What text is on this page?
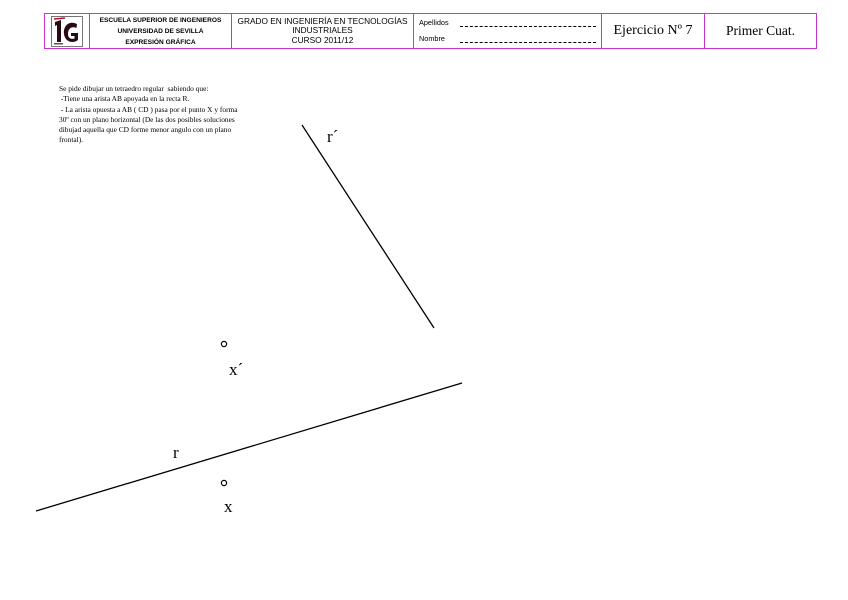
ESCUELA SUPERIOR DE INGENIEROS
UNIVERSIDAD DE SEVILLA
EXPRESIÓN GRÁFICA
GRADO EN INGENIERÍA EN TECNOLOGÍAS
INDUSTRIALES
CURSO 2011/12
Apellidos
Nombre
Ejercicio Nº 7	Primer Cuat.
Se pide dibujar un tetraedro regular  sabiendo que:
-Tiene una arista AB apoyada en la recta R.
- La arista opuesta a AB ( CD ) pasa por el punto X y forma
30º con un plano horizontal (De las dos posibles soluciones
dibujad aquella que CD forme menor angulo con un plano
frontal).	r´
x´
r
x
